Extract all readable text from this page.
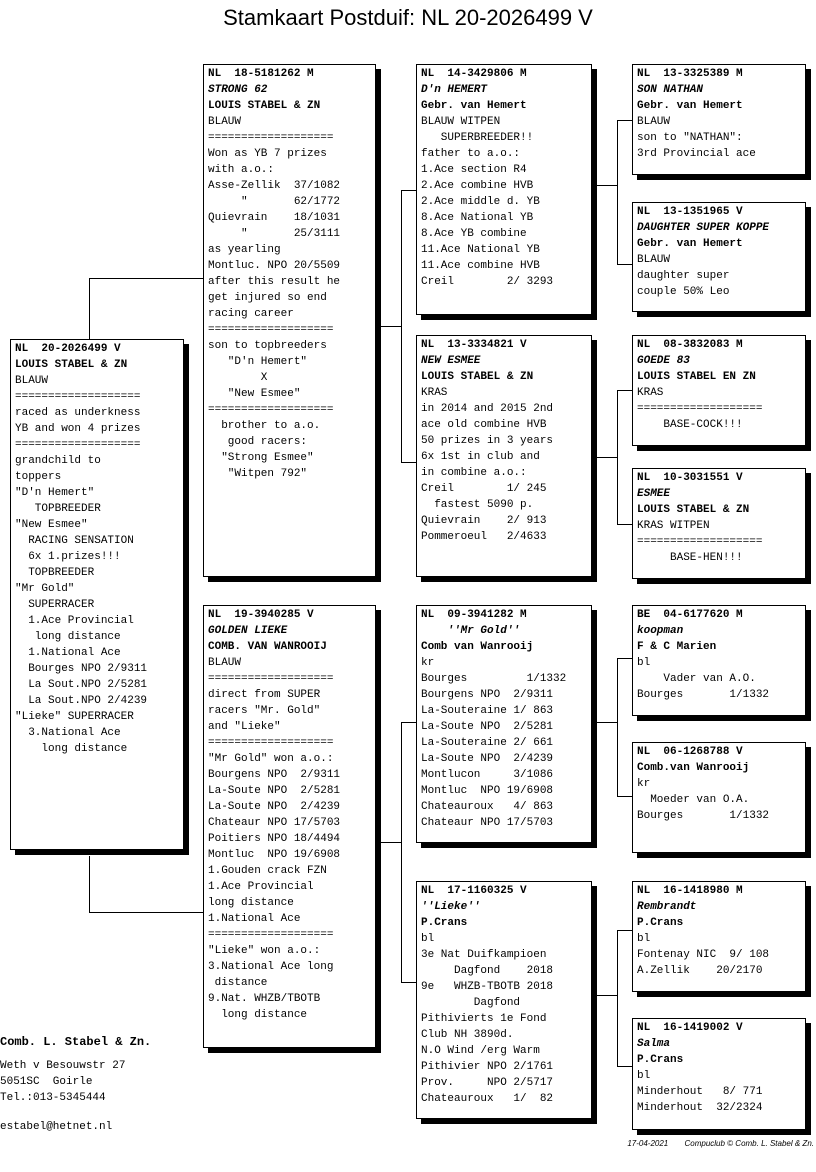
Stamkaart Postduif: NL 20-2026499 V
NL  20-2026499 V
LOUIS STABEL & ZN
BLAUW
===================
raced as underkness
YB and won 4 prizes
===================
grandchild to
toppers
"D'n Hemert"
TOPBREEDER
"New Esmee"
RACING SENSATION
6x 1.prizes!!!
TOPBREEDER
"Mr Gold"
SUPERRACER
1.Ace Provincial
long distance
1.National Ace
Bourges NPO 2/9311
La Sout.NPO 2/5281
La Sout.NPO 2/4239
"Lieke" SUPERRACER
3.National Ace
long distance
NL  18-5181262 M
STRONG 62
LOUIS STABEL & ZN
BLAUW
===================
Won as YB 7 prizes
with a.o.:
Asse-Zellik  37/1082
"       62/1772
Quievrain    18/1031
"       25/3111
as yearling
Montluc. NPO 20/5509
after this result he
get injured so end
racing career
===================
son to topbreeders
"D'n Hemert"
X
"New Esmee"
===================
brother to a.o.
good racers:
"Strong Esmee"
"Witpen 792"
NL  19-3940285 V
GOLDEN LIEKE
COMB. VAN WANROOIJ
BLAUW
===================
direct from SUPER
racers "Mr. Gold"
and "Lieke"
===================
"Mr Gold" won a.o.:
Bourgens NPO  2/9311
La-Soute NPO  2/5281
La-Soute NPO  2/4239
Chateaur NPO 17/5703
Poitiers NPO 18/4494
Montluc  NPO 19/6908
1.Gouden crack FZN
1.Ace Provincial
long distance
1.National Ace
===================
"Lieke" won a.o.:
3.National Ace long
distance
9.Nat. WHZB/TBOTB
long distance
NL  14-3429806 M
D'n HEMERT
Gebr. van Hemert
BLAUW WITPEN
SUPERBREEDER!!
father to a.o.:
1.Ace section R4
2.Ace combine HVB
2.Ace middle d. YB
8.Ace National YB
8.Ace YB combine
11.Ace National YB
11.Ace combine HVB
Creil        2/ 3293
NL  13-3334821 V
NEW ESMEE
LOUIS STABEL & ZN
KRAS
in 2014 and 2015 2nd
ace old combine HVB
50 prizes in 3 years
6x 1st in club and
in combine a.o.:
Creil        1/ 245
fastest 5090 p.
Quievrain    2/ 913
Pommeroeul   2/4633
NL  09-3941282 M
''Mr Gold''
Comb van Wanrooij
kr
Bourges         1/1332
Bourgens NPO  2/9311
La-Souteraine 1/ 863
La-Soute NPO  2/5281
La-Souteraine 2/ 661
La-Soute NPO  2/4239
Montlucon     3/1086
Montluc  NPO 19/6908
Chateauroux   4/ 863
Chateaur NPO 17/5703
NL  17-1160325 V
''Lieke''
P.Crans
bl
3e Nat Duifkampioen
Dagfond    2018
9e   WHZB-TBOTB 2018
Dagfond
Pithivierts 1e Fond
Club NH 3890d.
N.O Wind /erg Warm
Pithivier NPO 2/1761
Prov.     NPO 2/5717
Chateauroux   1/  82
NL  13-3325389 M
SON NATHAN
Gebr. van Hemert
BLAUW
son to "NATHAN":
3rd Provincial ace
NL  13-1351965 V
DAUGHTER SUPER KOPPE
Gebr. van Hemert
BLAUW
daughter super
couple 50% Leo
NL  08-3832083 M
GOEDE 83
LOUIS STABEL EN ZN
KRAS
===================
BASE-COCK!!!
NL  10-3031551 V
ESMEE
LOUIS STABEL & ZN
KRAS WITPEN
===================
BASE-HEN!!!
BE  04-6177620 M
koopman
F & C Marien
bl
Vader van A.O.
Bourges       1/1332
NL  06-1268788 V
Comb.van Wanrooij
kr
Moeder van O.A.
Bourges       1/1332
NL  16-1418980 M
Rembrandt
P.Crans
bl
Fontenay NIC  9/ 108
A.Zellik    20/2170
NL  16-1419002 V
Salma
P.Crans
bl
Minderhout   8/ 771
Minderhout  32/2324
Comb. L. Stabel & Zn.
Weth v Besouwstr 27
5051SC  Goirle
Tel.:013-5345444
estabel@hetnet.nl
17-04-2021 Compuclub © Comb. L. Stabel & Zn.
